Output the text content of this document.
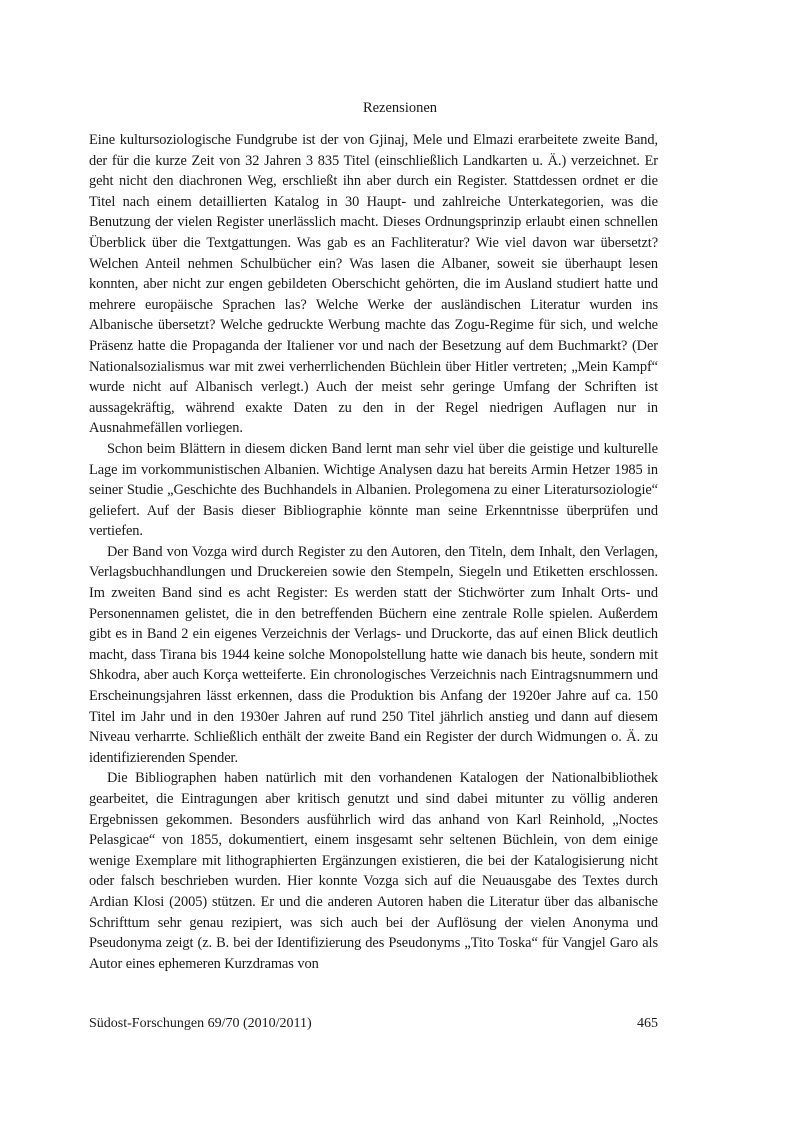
Rezensionen

Eine kultursoziologische Fundgrube ist der von Gjinaj, Mele und Elmazi erarbeitete zweite Band, der für die kurze Zeit von 32 Jahren 3 835 Titel (einschließlich Landkarten u. Ä.) verzeichnet. Er geht nicht den diachronen Weg, erschließt ihn aber durch ein Register. Stattdessen ordnet er die Titel nach einem detaillierten Katalog in 30 Haupt- und zahlreiche Unterkategorien, was die Benutzung der vielen Register unerlässlich macht. Dieses Ordnungsprinzip erlaubt einen schnellen Überblick über die Textgattungen. Was gab es an Fachliteratur? Wie viel davon war übersetzt? Welchen Anteil nehmen Schulbücher ein? Was lasen die Albaner, soweit sie überhaupt lesen konnten, aber nicht zur engen gebildeten Oberschicht gehörten, die im Ausland studiert hatte und mehrere europäische Sprachen las? Welche Werke der ausländischen Literatur wurden ins Albanische übersetzt? Welche gedruckte Werbung machte das Zogu-Regime für sich, und welche Präsenz hatte die Propaganda der Italiener vor und nach der Besetzung auf dem Buchmarkt? (Der Nationalsozialismus war mit zwei verherrlichenden Büchlein über Hitler vertreten; „Mein Kampf“ wurde nicht auf Albanisch verlegt.) Auch der meist sehr geringe Umfang der Schriften ist aussagekräftig, während exakte Daten zu den in der Regel niedrigen Auflagen nur in Ausnahmefällen vorliegen.

Schon beim Blättern in diesem dicken Band lernt man sehr viel über die geistige und kulturelle Lage im vorkommunistischen Albanien. Wichtige Analysen dazu hat bereits Armin Hetzer 1985 in seiner Studie „Geschichte des Buchhandels in Albanien. Prolegomena zu einer Literatursoziologie“ geliefert. Auf der Basis dieser Bibliographie könnte man seine Erkenntnisse überprüfen und vertiefen.

Der Band von Vozga wird durch Register zu den Autoren, den Titeln, dem Inhalt, den Verlagen, Verlagsbuchhandlungen und Druckereien sowie den Stempeln, Siegeln und Etiketten erschlossen. Im zweiten Band sind es acht Register: Es werden statt der Stichwörter zum Inhalt Orts- und Personennamen gelistet, die in den betreffenden Büchern eine zentrale Rolle spielen. Außerdem gibt es in Band 2 ein eigenes Verzeichnis der Verlags- und Druckorte, das auf einen Blick deutlich macht, dass Tirana bis 1944 keine solche Monopolstellung hatte wie danach bis heute, sondern mit Shkodra, aber auch Korça wetteiferte. Ein chronologisches Verzeichnis nach Eintragsnummern und Erscheinungsjahren lässt erkennen, dass die Produktion bis Anfang der 1920er Jahre auf ca. 150 Titel im Jahr und in den 1930er Jahren auf rund 250 Titel jährlich anstieg und dann auf diesem Niveau verharrte. Schließlich enthält der zweite Band ein Register der durch Widmungen o. Ä. zu identifizierenden Spender.

Die Bibliographen haben natürlich mit den vorhandenen Katalogen der Nationalbibliothek gearbeitet, die Eintragungen aber kritisch genutzt und sind dabei mitunter zu völlig anderen Ergebnissen gekommen. Besonders ausführlich wird das anhand von Karl Reinhold, „Noctes Pelasgicae“ von 1855, dokumentiert, einem insgesamt sehr seltenen Büchlein, von dem einige wenige Exemplare mit lithographierten Ergänzungen existieren, die bei der Katalogisierung nicht oder falsch beschrieben wurden. Hier konnte Vozga sich auf die Neuausgabe des Textes durch Ardian Klosi (2005) stützen. Er und die anderen Autoren haben die Literatur über das albanische Schrifttum sehr genau rezipiert, was sich auch bei der Auflösung der vielen Anonyma und Pseudonyma zeigt (z. B. bei der Identifizierung des Pseudonyms „Tito Toska“ für Vangjel Garo als Autor eines ephemeren Kurzdramas von

Südost-Forschungen 69/70 (2010/2011)	465
